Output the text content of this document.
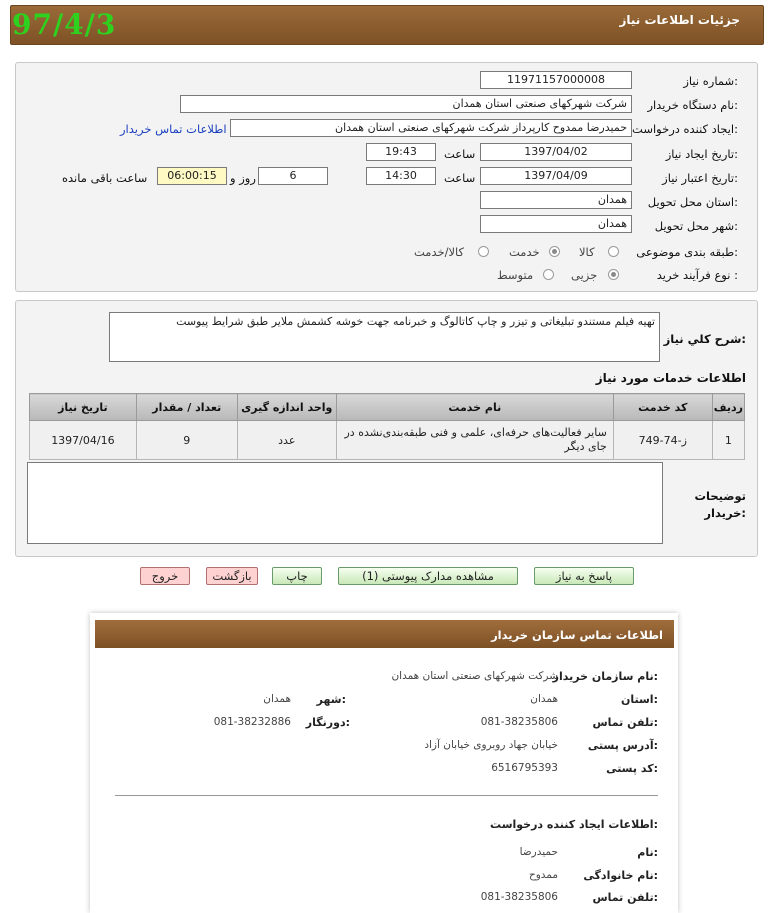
97/4/3	جزئیات اطلاعات نیاز
شماره نیاز:
11971157000008
نام دستگاه خریدار:
شرکت شهرکهای صنعتی استان همدان
ایجاد کننده درخواست:
حمیدرضا ممدوح کارپرداز شرکت شهرکهای صنعتی استان همدان
اطلاعات تماس خریدار
تاریخ ایجاد نیاز:
1397/04/02
ساعت
19:43
تاریخ اعتبار نیاز:
1397/04/09
ساعت
14:30
6
روز و
06:00:15
ساعت باقی مانده
استان محل تحویل:
همدان
شهر محل تحویل:
همدان
طبقه بندی موضوعی:
کالا
خدمت
کالا/خدمت
نوع فرآیند خرید :
جزیی
متوسط
شرح کلي نياز:
تهیه فیلم مستندو تبلیغاتی و تیزر و چاپ کاتالوگ و خبرنامه جهت خوشه کشمش ملایر طبق شرایط پیوست
اطلاعات خدمات مورد نیاز
ردیف	کد خدمت	نام خدمت	واحد اندازه گیری	تعداد / مقدار	تاریخ نیاز
1	ز-74-749	سایر فعالیت‌های حرفه‌ای، علمی و فنی طبقه‌بندی‌نشده در جای دیگر	عدد	9	1397/04/16
توضیحات خریدار:
پاسخ به نیاز
مشاهده مدارک پیوستی (1)
چاپ
بازگشت
خروج
اطلاعات تماس سازمان خریدار
نام سازمان خریدار:
شرکت شهرکهای صنعتی استان همدان
استان:
همدان
شهر:
همدان
تلفن تماس:
081-38235806
دورنگار:
081-38232886
آدرس پستی:
خیابان جهاد روبروی خیابان آزاد
کد پستی:
6516795393
اطلاعات ایجاد کننده درخواست:
نام:
حمیدرضا
نام خانوادگی:
ممدوح
تلفن تماس:
081-38235806
